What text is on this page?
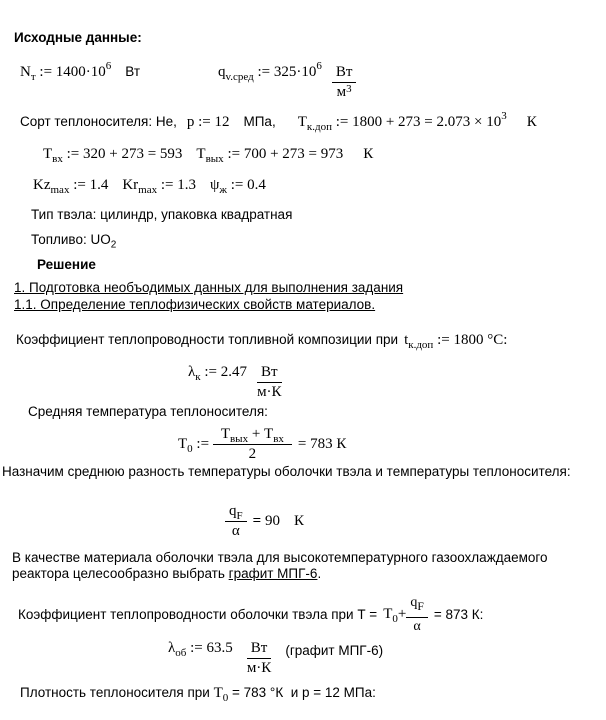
Исходные данные:
$N_т$ := $1400\cdot 10^6$ Вт	$q_{v.сред}$ := $325\cdot 10^6 \frac{Вт}{м^3}$
Сорт теплоносителя: He, p := 12 МПа, $T_{к.доп}$ := $1800 + 273 = 2.073 \times 10^3$ К
$T_{вх}$ := 320 + 273 = 593 $T_{вых}$ := 700 + 273 = 973 К
$Kz_{max}$ := 1.4 $Kr_{max}$ := 1.3 $\psi_ж$ := 0.4
Тип твэла: цилиндр, упаковка квадратная
Топливо: $UO_2$
Решение
1. Подготовка необъодимых данных для выполнения задания
1.1. Определение теплофизических свойств материалов.
Коэффициент теплопроводности топливной композиции при $t_{к.доп}$ := 1800 °С:
$\lambda_к$ := $2.47 \frac{Вт}{м\cdot К}$
Средняя температура теплоносителя:
$T_0$ := $\frac{T_{вых} + T_{вх}}{2} = 783$ К
Назначим среднюю разность температуры оболочки твэла и температуры теплоносителя:
$\frac{q_F}{\alpha} = 90$ К
В качестве материала оболочки твэла для высокотемпературного газоохлаждаемого
реактора целесообразно выбрать графит МПГ-6.
Коэффициент теплопроводности оболочки твэла при $Т = T_0+ \frac{q_F}{\alpha} = 873$ К:
$\lambda_{об}$ := $63.5 \frac{Вт}{м\cdot К}$ (графит МПГ-6)
Плотность теплоносителя при $T_0 = 783$ °К  и p = 12 МПа:
